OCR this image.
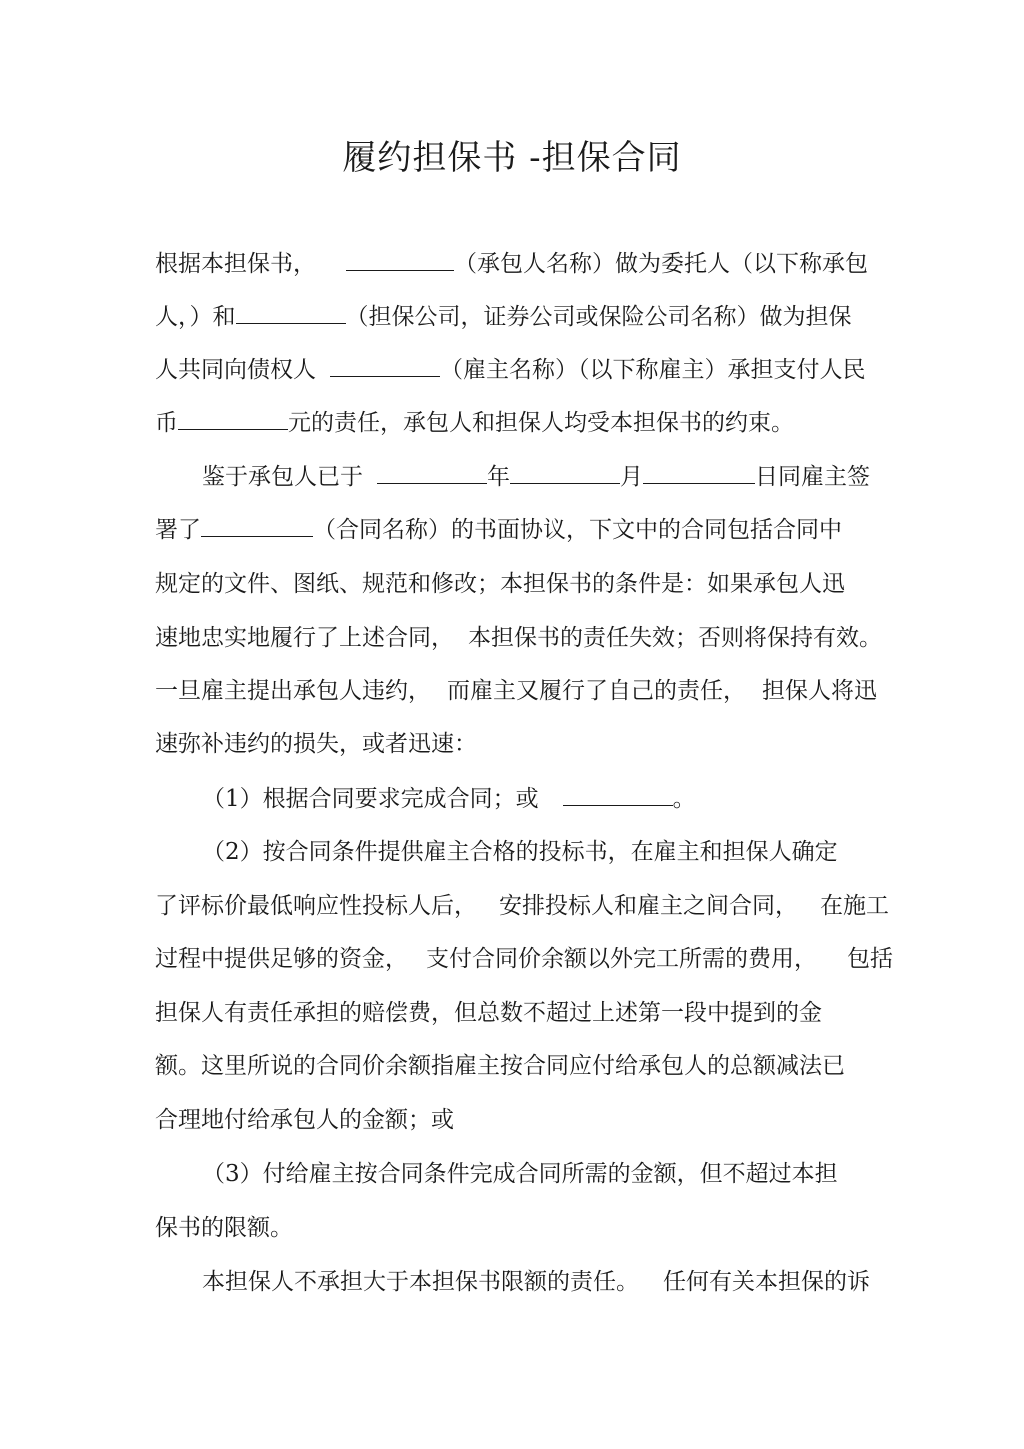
履约担保书 -担保合同
根据本担保书，	（承包人名称）做为委托人（以下称承包
人，）和	（担保公司，证券公司或保险公司名称）做为担保
人共同向债权人	（雇主名称）（以下称雇主）承担支付人民
币	元的责任，承包人和担保人均受本担保书的约束。
鉴于承包人已于	年	月	日同雇主签
署了	（合同名称）的书面协议，下文中的合同包括合同中
规定的文件、图纸、规范和修改；本担保书的条件是：如果承包人迅
速地忠实地履行了上述合同， 本担保书的责任失效；否则将保持有效。
一旦雇主提出承包人违约， 而雇主又履行了自己的责任， 担保人将迅
速弥补违约的损失，或者迅速：
（1）根据合同要求完成合同；或	。
（2）按合同条件提供雇主合格的投标书，在雇主和担保人确定
了评标价最低响应性投标人后， 安排投标人和雇主之间合同， 在施工
过程中提供足够的资金， 支付合同价余额以外完工所需的费用， 包括
担保人有责任承担的赔偿费，但总数不超过上述第一段中提到的金
额。这里所说的合同价余额指雇主按合同应付给承包人的总额减法已
合理地付给承包人的金额；或
（3）付给雇主按合同条件完成合同所需的金额，但不超过本担
保书的限额。
本担保人不承担大于本担保书限额的责任。 任何有关本担保的诉
